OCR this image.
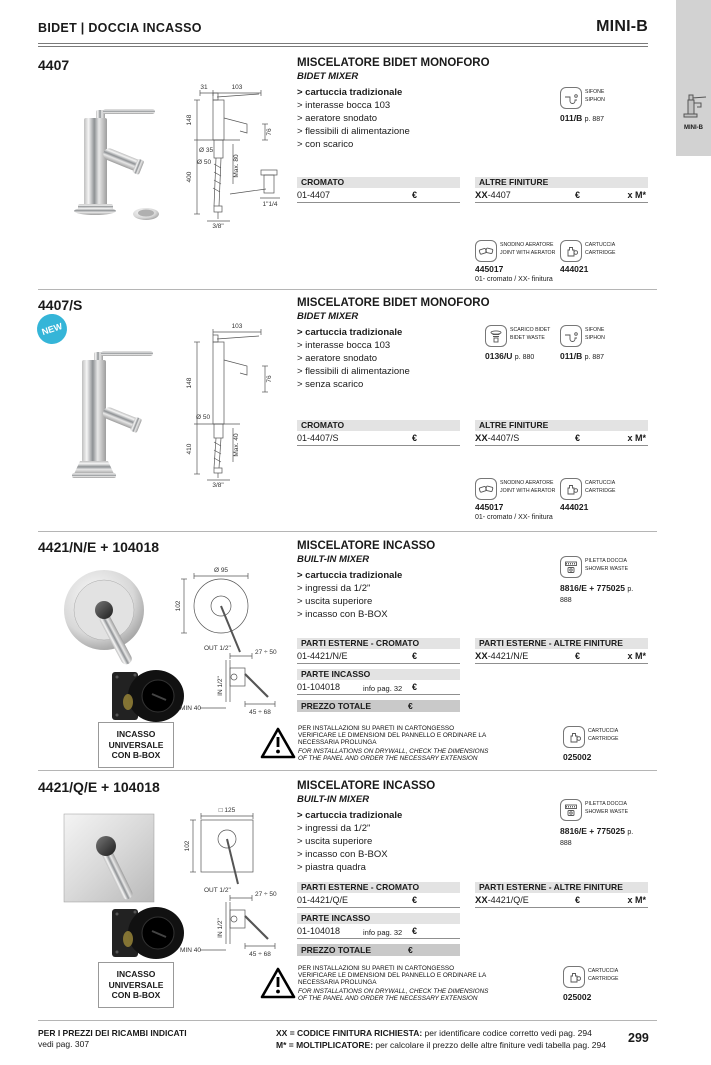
BIDET | DOCCIA INCASSO	MINI-B
MINI-B
4407
31	103
148
400
76
Ø 35
Ø 50	Max. 80
3/8"
1"1/4
MISCELATORE BIDET MONOFORO
BIDET MIXER
> cartuccia tradizionale
> interasse bocca 103
> aeratore snodato
> flessibili di alimentazione
> con scarico
SIFONE
SIPHON
011/B p. 887
CROMATO
01-4407	€
ALTRE FINITURE
XX-4407	€	x M*
SNODINO AERATORE
JOINT WITH AERATOR
445017
01- cromato / XX- finitura
CARTUCCIA
CARTRIDGE
444021
4407/S
NEW	103
148	76
Ø 50
Max. 40
410
3/8"
MISCELATORE BIDET MONOFORO
BIDET MIXER
> cartuccia tradizionale
> interasse bocca 103
> aeratore snodato
> flessibili di alimentazione
> senza scarico
SCARICO BIDET
BIDET WASTE
0136/U p. 880
SIFONE
SIPHON
011/B p. 887
CROMATO
01-4407/S	€
ALTRE FINITURE
XX-4407/S	€	x M*
SNODINO AERATORE
JOINT WITH AERATOR
445017
01- cromato / XX- finitura
CARTUCCIA
CARTRIDGE
444021
4421/N/E + 104018
Ø 95
102
OUT 1/2"
27 ÷ 50
IN 1/2"
MIN 40
45 ÷ 68
MISCELATORE INCASSO
BUILT-IN MIXER
> cartuccia tradizionale
> ingressi da 1/2"
> uscita superiore
> incasso con B-BOX
PILETTA DOCCIA
SHOWER WASTE
8816/E + 775025 p. 888
PARTI ESTERNE - CROMATO
01-4421/N/E	€
PARTE INCASSO
01-104018	info pag. 32 €
PREZZO TOTALE	€
PARTI ESTERNE - ALTRE FINITURE
XX-4421/N/E	€	x M*
INCASSO UNIVERSALE CON B-BOX
PER INSTALLAZIONI SU PARETI IN CARTONGESSO VERIFICARE LE DIMENSIONI DEL PANNELLO E ORDINARE LA NECESSARIA PROLUNGA
FOR INSTALLATIONS ON DRYWALL, CHECK THE DIMENSIONS OF THE PANEL AND ORDER THE NECESSARY EXTENSION
CARTUCCIA
CARTRIDGE
025002
4421/Q/E + 104018
□ 125
102
OUT 1/2"
27 ÷ 50
IN 1/2"
MIN 40
45 ÷ 68
MISCELATORE INCASSO
BUILT-IN MIXER
> cartuccia tradizionale
> ingressi da 1/2"
> uscita superiore
> incasso con B-BOX
> piastra quadra
PILETTA DOCCIA
SHOWER WASTE
8816/E + 775025 p. 888
PARTI ESTERNE - CROMATO
01-4421/Q/E	€
PARTE INCASSO
01-104018	info pag. 32 €
PREZZO TOTALE	€
PARTI ESTERNE - ALTRE FINITURE
XX-4421/Q/E	€	x M*
INCASSO UNIVERSALE CON B-BOX
PER INSTALLAZIONI SU PARETI IN CARTONGESSO VERIFICARE LE DIMENSIONI DEL PANNELLO E ORDINARE LA NECESSARIA PROLUNGA
FOR INSTALLATIONS ON DRYWALL, CHECK THE DIMENSIONS OF THE PANEL AND ORDER THE NECESSARY EXTENSION
CARTUCCIA
CARTRIDGE
025002
PER I PREZZI DEI RICAMBI INDICATI
vedi pag. 307
XX = CODICE FINITURA RICHIESTA: per identificare codice corretto vedi pag. 294
M* = MOLTIPLICATORE: per calcolare il prezzo delle altre finiture vedi tabella pag. 294 299
